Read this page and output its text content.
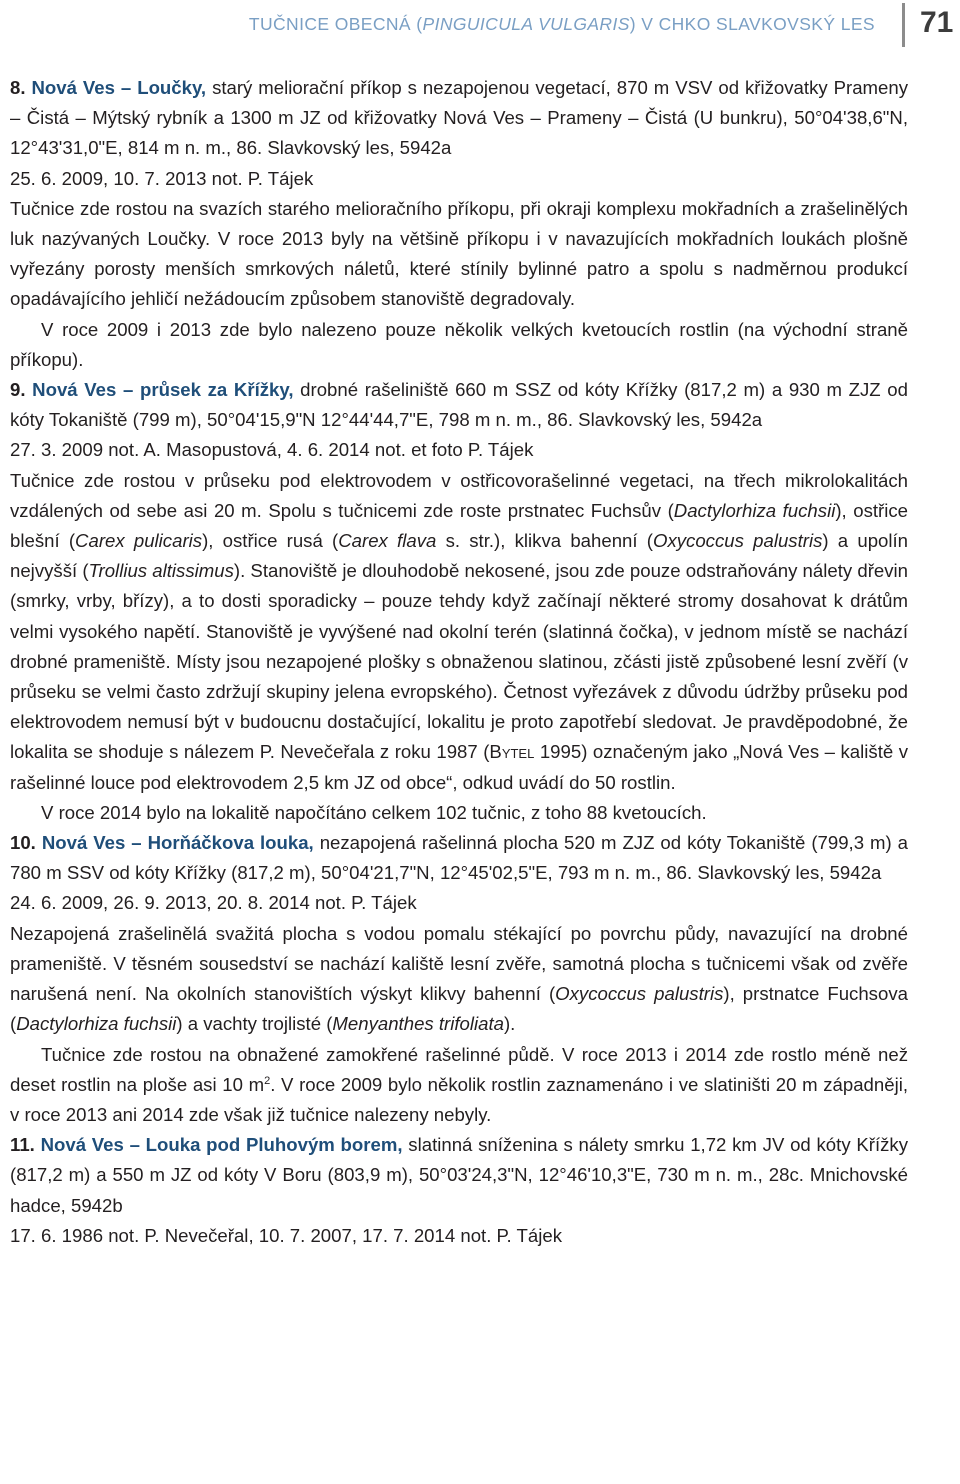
TUČNICE OBECNÁ (PINGUICULA VULGARIS) V CHKO SLAVKOVSKÝ LES 71

8. Nová Ves – Loučky, starý meliorační příkop s nezapojenou vegetací, 870 m VSV od křižovatky Prameny – Čistá – Mýtský rybník a 1300 m JZ od křižovatky Nová Ves – Prameny – Čistá (U bunkru), 50°04'38,6"N, 12°43'31,0"E, 814 m n. m., 86. Slavkovský les, 5942a

25. 6. 2009, 10. 7. 2013 not. P. Tájek

Tučnice zde rostou na svazích starého melioračního příkopu, při okraji komplexu mokřadních a zrašelinělých luk nazývaných Loučky. V roce 2013 byly na většině příkopu i v navazujících mokřadních loukách plošně vyřezány porosty menších smrkových náletů, které stínily bylinné patro a spolu s nadměrnou produkcí opadávajícího jehličí nežádoucím způsobem stanoviště degradovaly.

V roce 2009 i 2013 zde bylo nalezeno pouze několik velkých kvetoucích rostlin (na východní straně příkopu).

9. Nová Ves – průsek za Křížky, drobné rašeliniště 660 m SSZ od kóty Křížky (817,2 m) a 930 m ZJZ od kóty Tokaniště (799 m), 50°04'15,9"N 12°44'44,7"E, 798 m n. m., 86. Slavkovský les, 5942a

27. 3. 2009 not. A. Masopustová, 4. 6. 2014 not. et foto P. Tájek

Tučnice zde rostou v průseku pod elektrovodem v ostřicovorašelinné vegetaci, na třech mikrolokalitách vzdálených od sebe asi 20 m. Spolu s tučnicemi zde roste prstnatec Fuchsův (Dactylorhiza fuchsii), ostřice blešní (Carex pulicaris), ostřice rusá (Carex flava s. str.), klikva bahenní (Oxycoccus palustris) a upolín nejvyšší (Trollius altissimus). Stanoviště je dlouhodobě nekosené, jsou zde pouze odstraňovány nálety dřevin (smrky, vrby, břízy), a to dosti sporadicky – pouze tehdy když začínají některé stromy dosahovat k drátům velmi vysokého napětí. Stanoviště je vyvýšené nad okolní terén (slatinná čočka), v jednom místě se nachází drobné prameniště. Místy jsou nezapojené plošky s obnaženou slatinou, zčásti jistě způsobené lesní zvěří (v průseku se velmi často zdržují skupiny jelena evropského). Četnost vyřezávek z důvodu údržby průseku pod elektrovodem nemusí být v budoucnu dostačující, lokalitu je proto zapotřebí sledovat. Je pravděpodobné, že lokalita se shoduje s nálezem P. Nevečeřala z roku 1987 (Bytel 1995) označeným jako „Nová Ves – kaliště v rašelinné louce pod elektrovodem 2,5 km JZ od obce“, odkud uvádí do 50 rostlin.

V roce 2014 bylo na lokalitě napočítáno celkem 102 tučnic, z toho 88 kvetoucích.

10. Nová Ves – Horňáčkova louka, nezapojená rašelinná plocha 520 m ZJZ od kóty Tokaniště (799,3 m) a 780 m SSV od kóty Křížky (817,2 m), 50°04'21,7"N, 12°45'02,5"E, 793 m n. m., 86. Slavkovský les, 5942a

24. 6. 2009, 26. 9. 2013, 20. 8. 2014 not. P. Tájek

Nezapojená zrašelinělá svažitá plocha s vodou pomalu stékající po povrchu půdy, navazující na drobné prameniště. V těsném sousedství se nachází kaliště lesní zvěře, samotná plocha s tučnicemi však od zvěře narušená není. Na okolních stanovištích výskyt klikvy bahenní (Oxycoccus palustris), prstnatce Fuchsova (Dactylorhiza fuchsii) a vachty trojlisté (Menyanthes trifoliata).

Tučnice zde rostou na obnažené zamokřené rašelinné půdě. V roce 2013 i 2014 zde rostlo méně než deset rostlin na ploše asi 10 $m^2$. V roce 2009 bylo několik rostlin zaznamenáno i ve slatiništi 20 m západněji, v roce 2013 ani 2014 zde však již tučnice nalezeny nebyly.

11. Nová Ves – Louka pod Pluhovým borem, slatinná sníženina s nálety smrku 1,72 km JV od kóty Křížky (817,2 m) a 550 m JZ od kóty V Boru (803,9 m), 50°03'24,3"N, 12°46'10,3"E, 730 m n. m., 28c. Mnichovské hadce, 5942b

17. 6. 1986 not. P. Nevečeřal, 10. 7. 2007, 17. 7. 2014 not. P. Tájek
